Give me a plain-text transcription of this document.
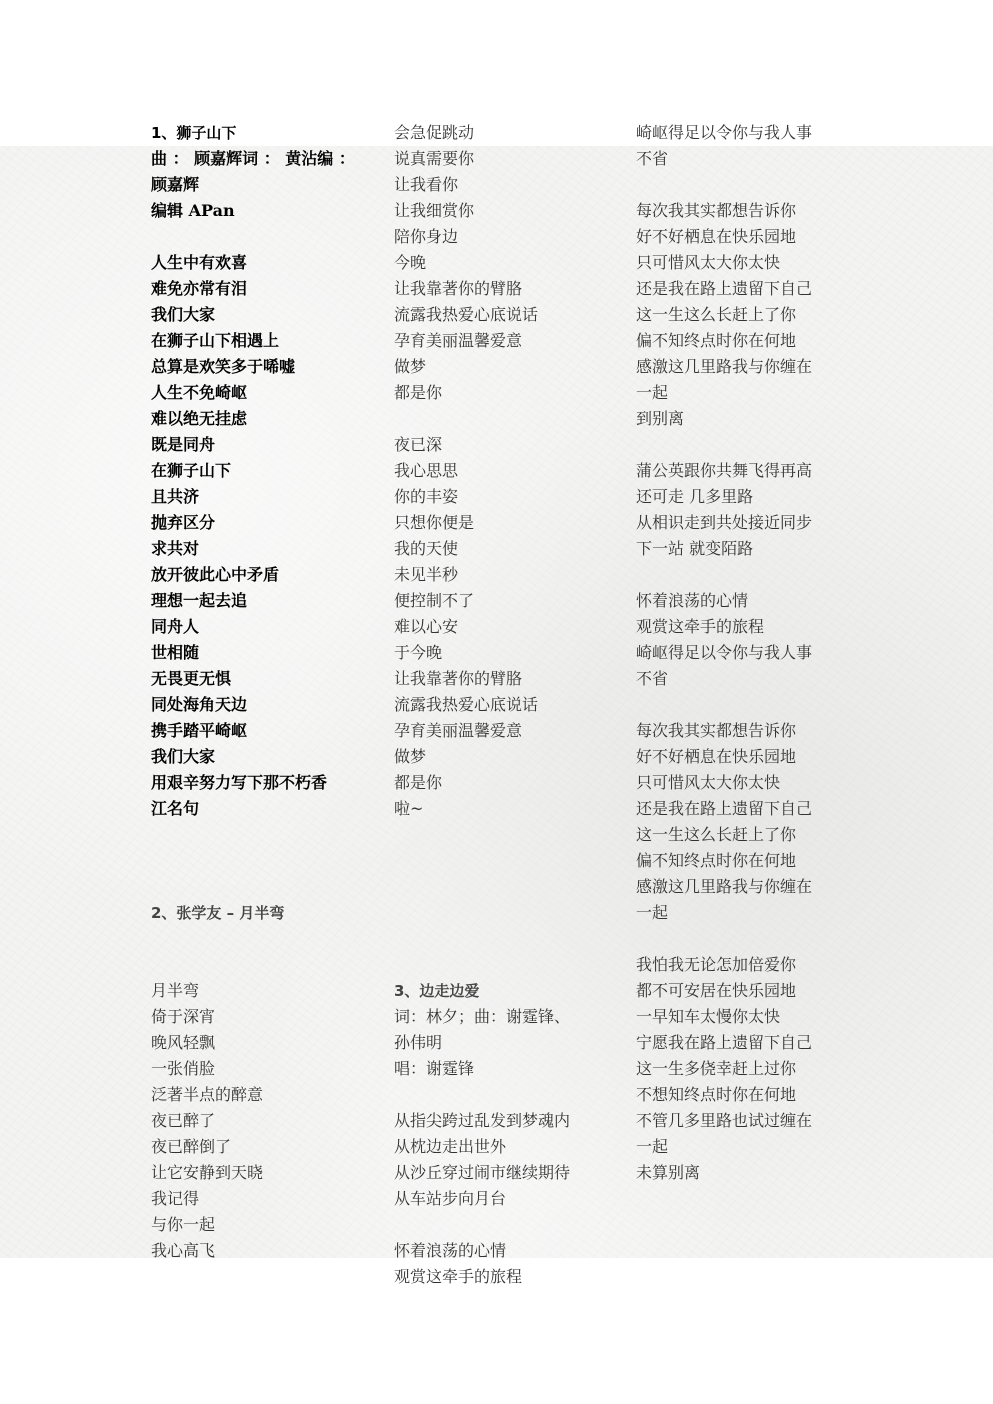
1、狮子山下
曲 ： 顾嘉辉词 ： 黄沾编 ：
顾嘉辉
编辑 APan
人生中有欢喜
难免亦常有泪
我们大家
在狮子山下相遇上
总算是欢笑多于唏嘘
人生不免崎岖
难以绝无挂虑
既是同舟
在狮子山下
且共济
抛弃区分
求共对
放开彼此心中矛盾
理想一起去追
同舟人
世相随
无畏更无惧
同处海角天边
携手踏平崎岖
我们大家
用艰辛努力写下那不朽香
江名句
2、张学友 – 月半弯
月半弯
倚于深宵
晚风轻飘
一张俏脸
泛著半点的醉意
夜已醉了
夜已醉倒了
让它安静到天晓
我记得
与你一起
我心高飞
会急促跳动
说真需要你
让我看你
让我细赏你
陪你身边
今晚
让我靠著你的臂胳
流露我热爱心底说话
孕育美丽温馨爱意
做梦
都是你
夜已深
我心思思
你的丰姿
只想你便是
我的天使
未见半秒
便控制不了
难以心安
于今晚
让我靠著你的臂胳
流露我热爱心底说话
孕育美丽温馨爱意
做梦
都是你
啦~
3、边走边爱
词：林夕；曲：谢霆锋、
孙伟明
唱：谢霆锋
从指尖跨过乱发到梦魂内
从枕边走出世外
从沙丘穿过闹市继续期待
从车站步向月台
怀着浪荡的心情
观赏这牵手的旅程
崎岖得足以令你与我人事
不省
每次我其实都想告诉你
好不好栖息在快乐园地
只可惜风太大你太快
还是我在路上遗留下自己
这一生这么长赶上了你
偏不知终点时你在何地
感激这几里路我与你缠在
一起
到别离
蒲公英跟你共舞飞得再高
还可走 几多里路
从相识走到共处接近同步
下一站 就变陌路
怀着浪荡的心情
观赏这牵手的旅程
崎岖得足以令你与我人事
不省
每次我其实都想告诉你
好不好栖息在快乐园地
只可惜风太大你太快
还是我在路上遗留下自己
这一生这么长赶上了你
偏不知终点时你在何地
感激这几里路我与你缠在
一起
我怕我无论怎加倍爱你
都不可安居在快乐园地
一早知车太慢你太快
宁愿我在路上遗留下自己
这一生多侥幸赶上过你
不想知终点时你在何地
不管几多里路也试过缠在
一起
未算别离
